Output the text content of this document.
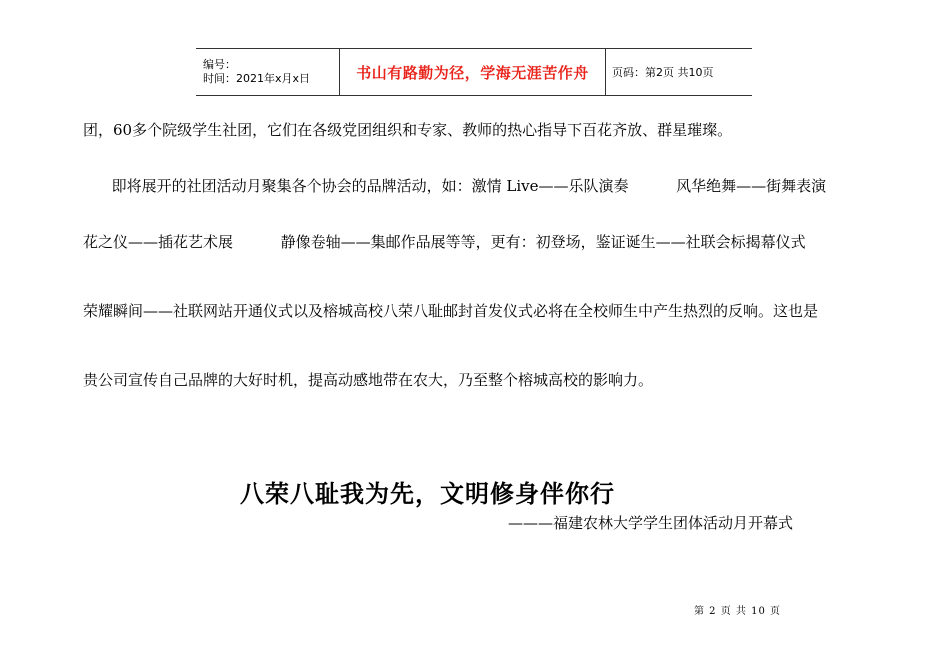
编号：
时间：2021年x月x日	书山有路勤为径，学海无涯苦作舟 页码：第2页 共10页
团，60多个院级学生社团，它们在各级党团组织和专家、教师的热心指导下百花齐放、群星璀璨。
即将展开的社团活动月聚集各个协会的品牌活动，如：激情 Live——乐队演奏          风华绝舞——街舞表演
花之仪——插花艺术展          静像卷轴——集邮作品展等等，更有：初登场，鉴证诞生——社联会标揭幕仪式
荣耀瞬间——社联网站开通仪式以及榕城高校八荣八耻邮封首发仪式必将在全校师生中产生热烈的反响。这也是
贵公司宣传自己品牌的大好时机，提高动感地带在农大，乃至整个榕城高校的影响力。
八荣八耻我为先，文明修身伴你行
———福建农林大学学生团体活动月开幕式
第 2 页 共 10 页
